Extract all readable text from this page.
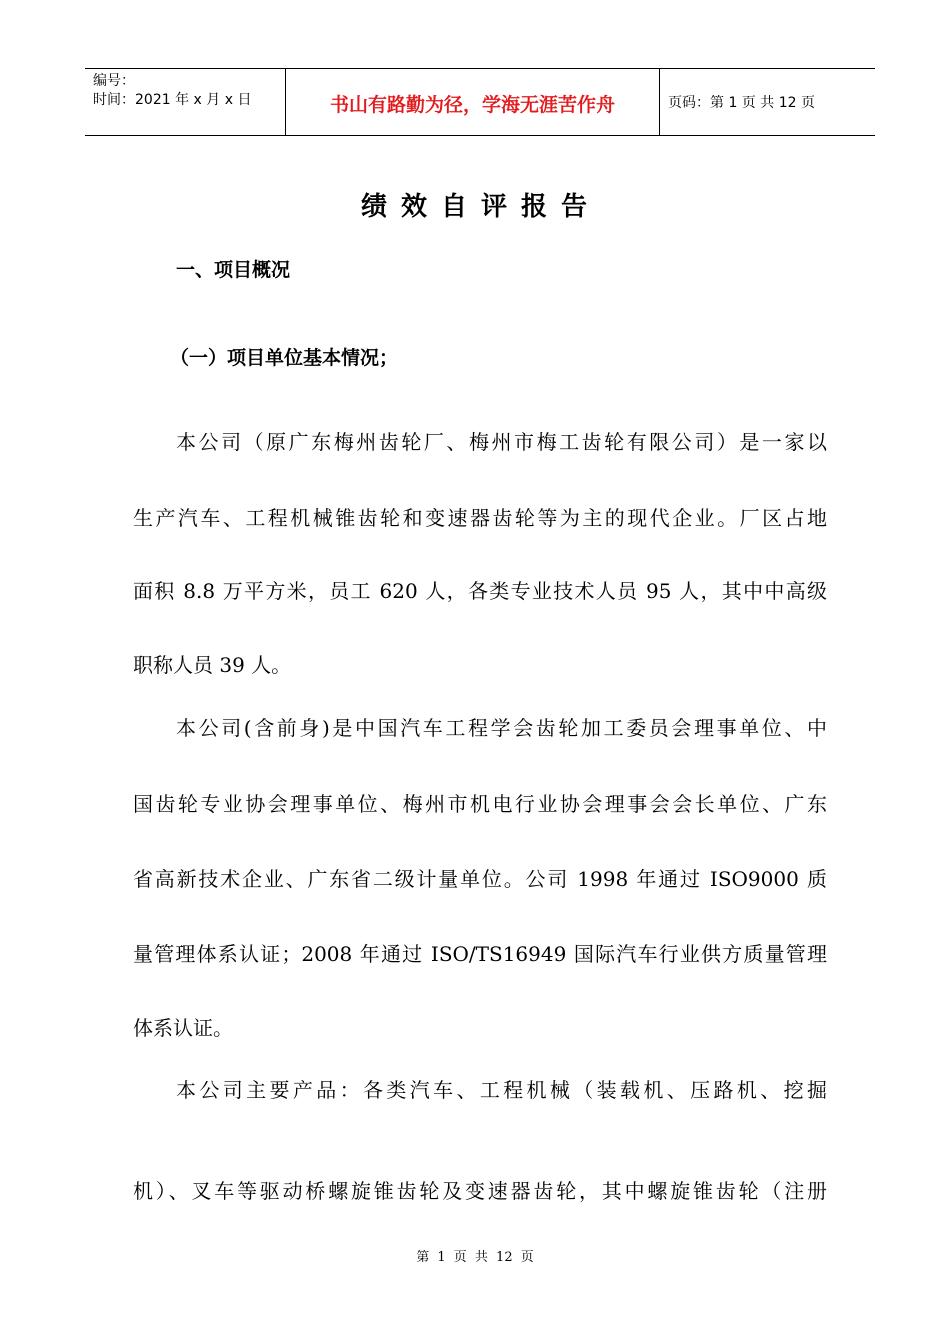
编号：
时间：2021 年 x 月 x 日	书山有路勤为径，学海无涯苦作舟	页码：第 1 页 共 12 页
绩效自评报告
一、项目概况
（一）项目单位基本情况；
本公司（原广东梅州齿轮厂、梅州市梅工齿轮有限公司）是一家以
生产汽车、工程机械锥齿轮和变速器齿轮等为主的现代企业。厂区占地
面积 8.8 万平方米，员工 620 人，各类专业技术人员 95 人，其中中高级
职称人员 39 人。
本公司(含前身)是中国汽车工程学会齿轮加工委员会理事单位、中
国齿轮专业协会理事单位、梅州市机电行业协会理事会会长单位、广东
省高新技术企业、广东省二级计量单位。公司 1998 年通过 ISO9000 质
量管理体系认证；2008 年通过 ISO/TS16949 国际汽车行业供方质量管理
体系认证。
本公司主要产品：各类汽车、工程机械（装载机、压路机、挖掘
机）、叉车等驱动桥螺旋锥齿轮及变速器齿轮，其中螺旋锥齿轮（注册
第 1 页 共 12 页
